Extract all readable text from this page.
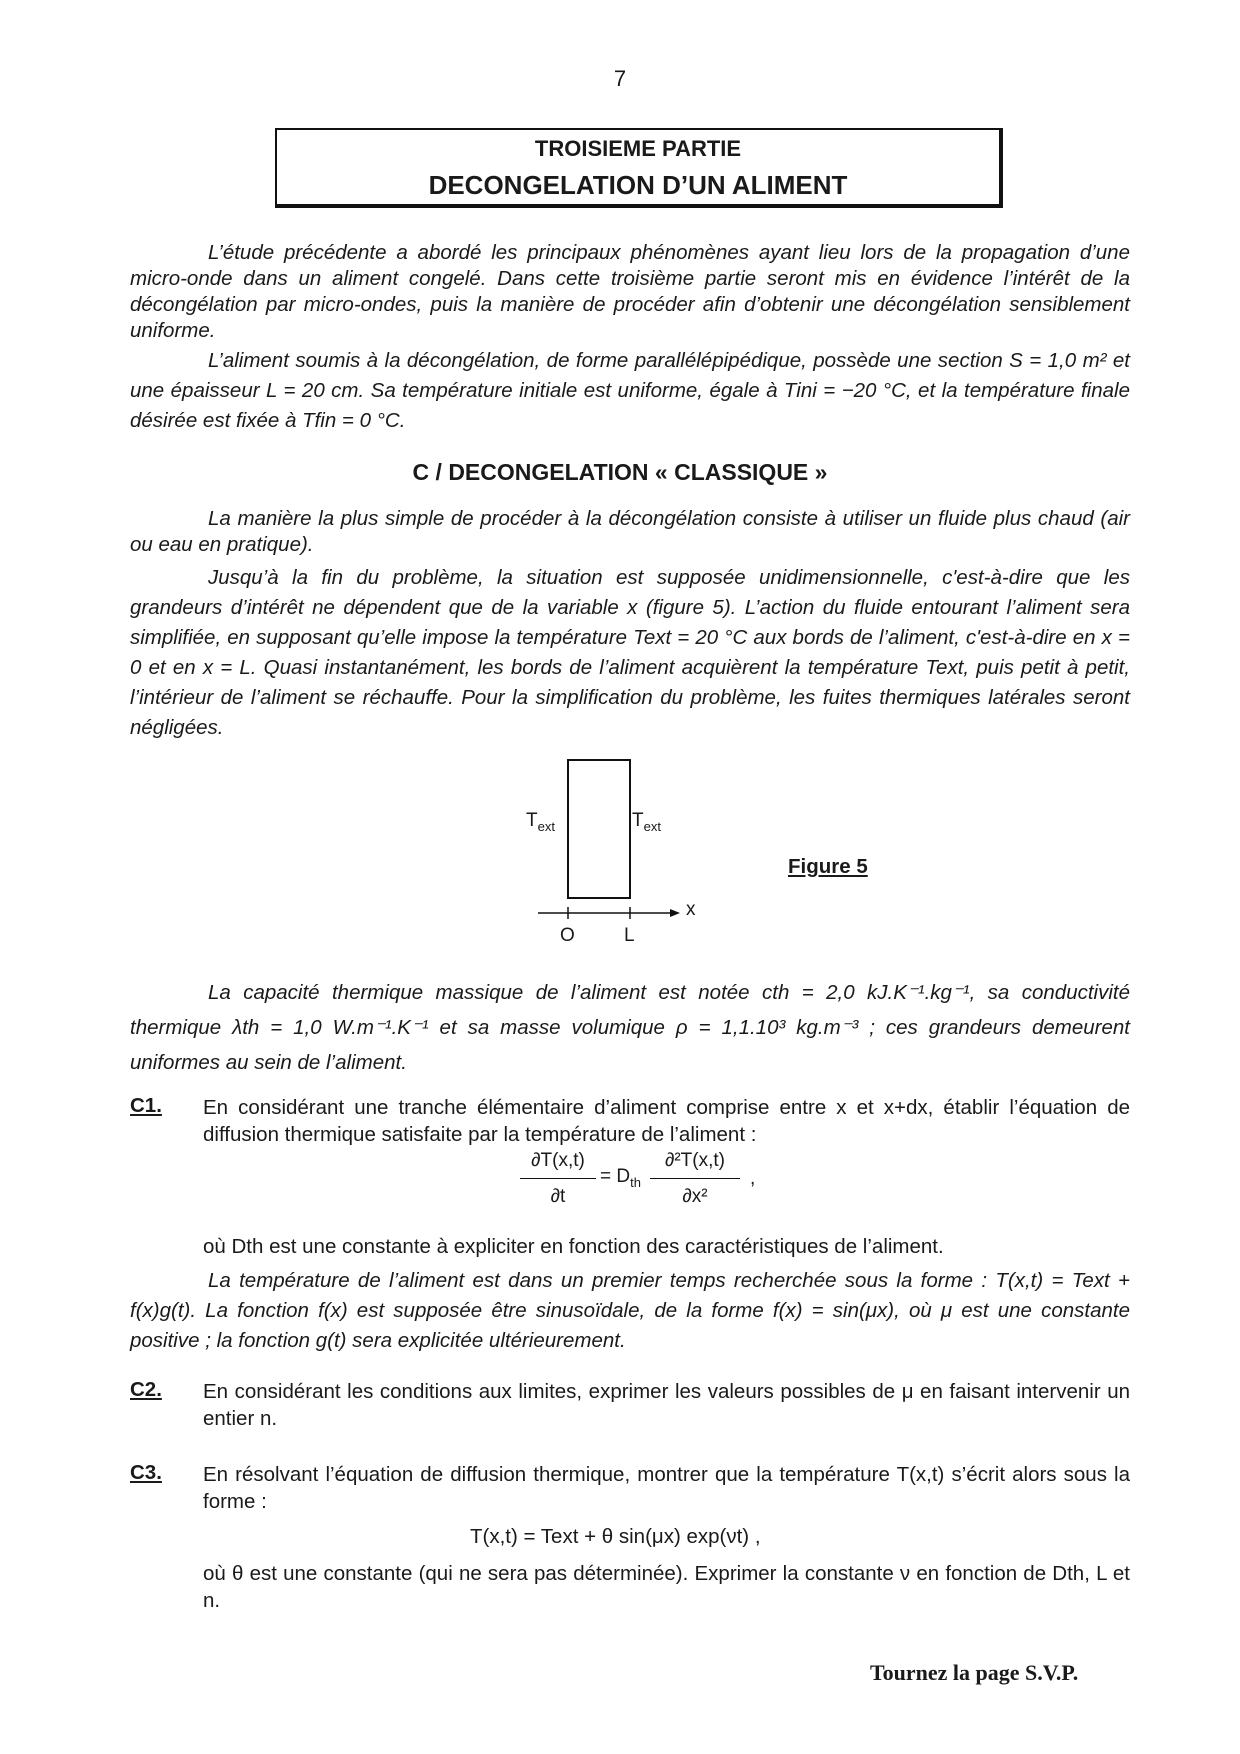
7
TROISIEME PARTIE
DECONGELATION D’UN ALIMENT

L’étude précédente a abordé les principaux phénomènes ayant lieu lors de la propagation d’une micro-onde dans un aliment congelé. Dans cette troisième partie seront mis en évidence l’intérêt de la décongélation par micro-ondes, puis la manière de procéder afin d’obtenir une décongélation sensiblement uniforme.

L’aliment soumis à la décongélation, de forme parallélépipédique, possède une section S = 1,0 m² et une épaisseur L = 20 cm. Sa température initiale est uniforme, égale à Tini = −20 °C, et la température finale désirée est fixée à Tfin = 0 °C.

C / DECONGELATION « CLASSIQUE »

La manière la plus simple de procéder à la décongélation consiste à utiliser un fluide plus chaud (air ou eau en pratique).

Jusqu’à la fin du problème, la situation est supposée unidimensionnelle, c'est-à-dire que les grandeurs d’intérêt ne dépendent que de la variable x (figure 5). L’action du fluide entourant l’aliment sera simplifiée, en supposant qu’elle impose la température Text = 20 °C aux bords de l’aliment, c'est-à-dire en x = 0 et en x = L. Quasi instantanément, les bords de l’aliment acquièrent la température Text, puis petit à petit, l’intérieur de l’aliment se réchauffe. Pour la simplification du problème, les fuites thermiques latérales seront négligées.

$T_{ext}$	$T_{ext}$
x
O	L
Figure 5

La capacité thermique massique de l’aliment est notée cth = 2,0 kJ.K⁻¹.kg⁻¹, sa conductivité thermique λth = 1,0 W.m⁻¹.K⁻¹ et sa masse volumique ρ = 1,1.10³ kg.m⁻³ ; ces grandeurs demeurent uniformes au sein de l’aliment.

C1. En considérant une tranche élémentaire d’aliment comprise entre x et x+dx, établir l’équation de diffusion thermique satisfaite par la température de l’aliment :

∂T(x,t)
∂t
= $D_{th}$
∂²T(x,t)
∂x²
,

où Dth est une constante à expliciter en fonction des caractéristiques de l’aliment.

La température de l’aliment est dans un premier temps recherchée sous la forme : T(x,t) = Text + f(x)g(t). La fonction f(x) est supposée être sinusoïdale, de la forme f(x) = sin(μx), où μ est une constante positive ; la fonction g(t) sera explicitée ultérieurement.

C2. En considérant les conditions aux limites, exprimer les valeurs possibles de μ en faisant intervenir un entier n.

C3. En résolvant l’équation de diffusion thermique, montrer que la température T(x,t) s’écrit alors sous la forme :

T(x,t) = Text + θ sin(μx) exp(νt) ,

où θ est une constante (qui ne sera pas déterminée). Exprimer la constante ν en fonction de Dth, L et n.

Tournez la page S.V.P.
